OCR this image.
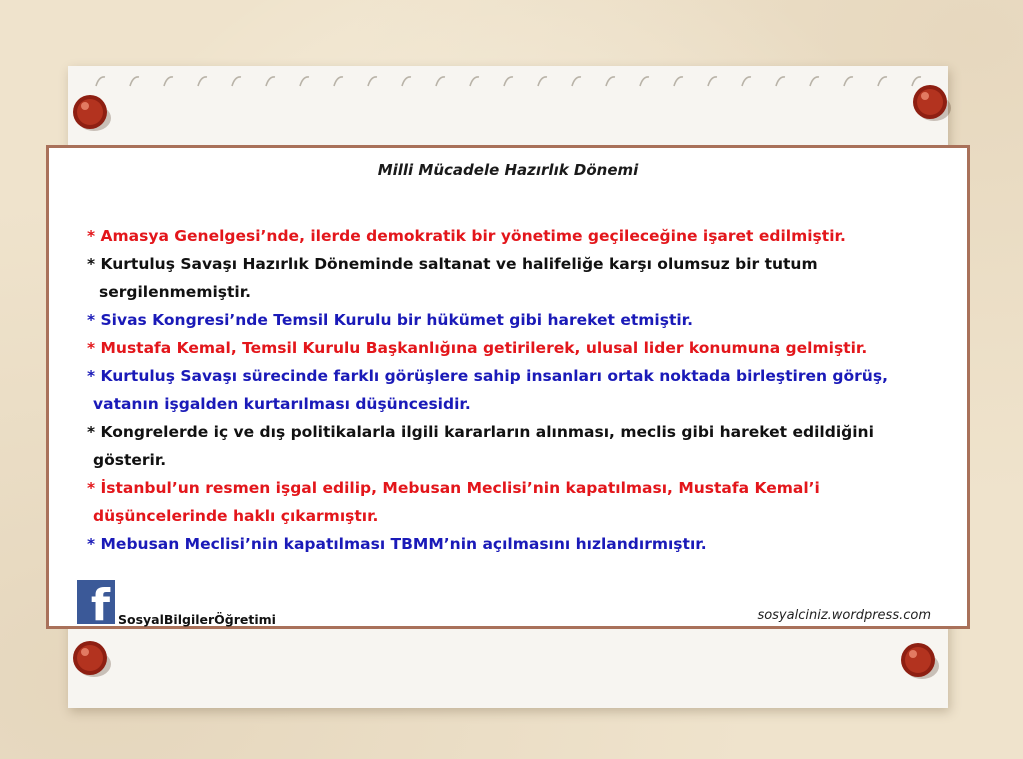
Milli Mücadele Hazırlık Dönemi

* Amasya Genelgesi’nde, ilerde demokratik bir yönetime geçileceğine işaret edilmiştir.

* Kurtuluş Savaşı Hazırlık Döneminde saltanat ve halifeliğe karşı olumsuz bir tutum
sergilenmemiştir.

* Sivas Kongresi’nde Temsil Kurulu bir hükümet gibi hareket etmiştir.

* Mustafa Kemal, Temsil Kurulu Başkanlığına getirilerek, ulusal lider konumuna gelmiştir.

* Kurtuluş Savaşı sürecinde farklı görüşlere sahip insanları ortak noktada birleştiren görüş,
vatanın işgalden kurtarılması düşüncesidir.

* Kongrelerde iç ve dış politikalarla ilgili kararların alınması, meclis gibi hareket edildiğini
gösterir.

* İstanbul’un resmen işgal edilip, Mebusan Meclisi’nin kapatılması, Mustafa Kemal’i
düşüncelerinde haklı çıkarmıştır.

* Mebusan Meclisi’nin kapatılması TBMM’nin açılmasını hızlandırmıştır.

f SosyalBilgilerÖğretimi	sosyalciniz.wordpress.com
